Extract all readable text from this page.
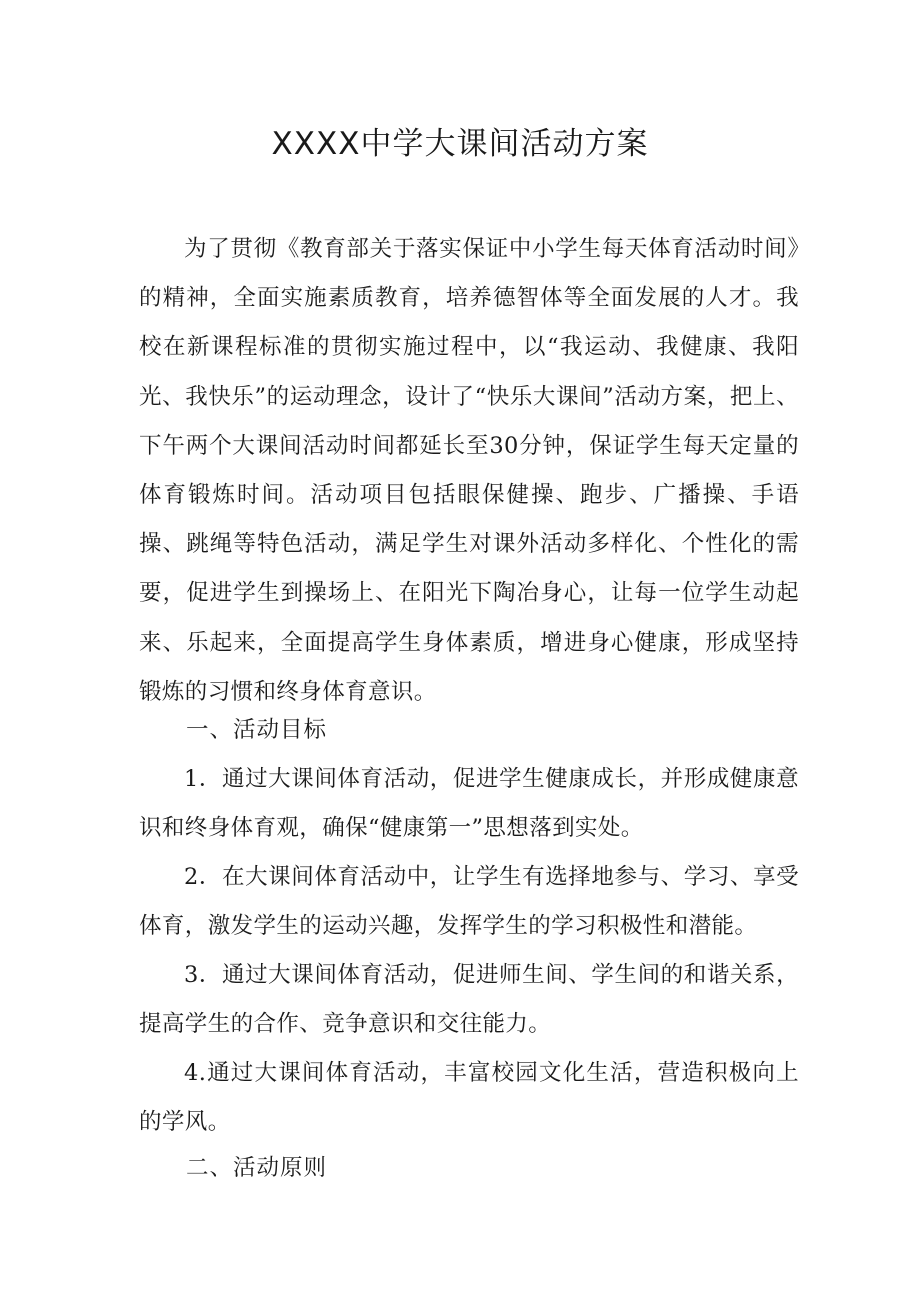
XXXX中学大课间活动方案

为了贯彻《教育部关于落实保证中小学生每天体育活动时间》的精神，全面实施素质教育，培养德智体等全面发展的人才。我校在新课程标准的贯彻实施过程中，以“我运动、我健康、我阳光、我快乐”的运动理念，设计了“快乐大课间”活动方案，把上、下午两个大课间活动时间都延长至30分钟，保证学生每天定量的体育锻炼时间。活动项目包括眼保健操、跑步、广播操、手语操、跳绳等特色活动，满足学生对课外活动多样化、个性化的需要，促进学生到操场上、在阳光下陶冶身心，让每一位学生动起来、乐起来，全面提高学生身体素质，增进身心健康，形成坚持锻炼的习惯和终身体育意识。

一、活动目标

1．通过大课间体育活动，促进学生健康成长，并形成健康意识和终身体育观，确保“健康第一”思想落到实处。

2．在大课间体育活动中，让学生有选择地参与、学习、享受体育，激发学生的运动兴趣，发挥学生的学习积极性和潜能。

3．通过大课间体育活动，促进师生间、学生间的和谐关系，提高学生的合作、竞争意识和交往能力。

4.通过大课间体育活动，丰富校园文化生活，营造积极向上的学风。

二、活动原则
